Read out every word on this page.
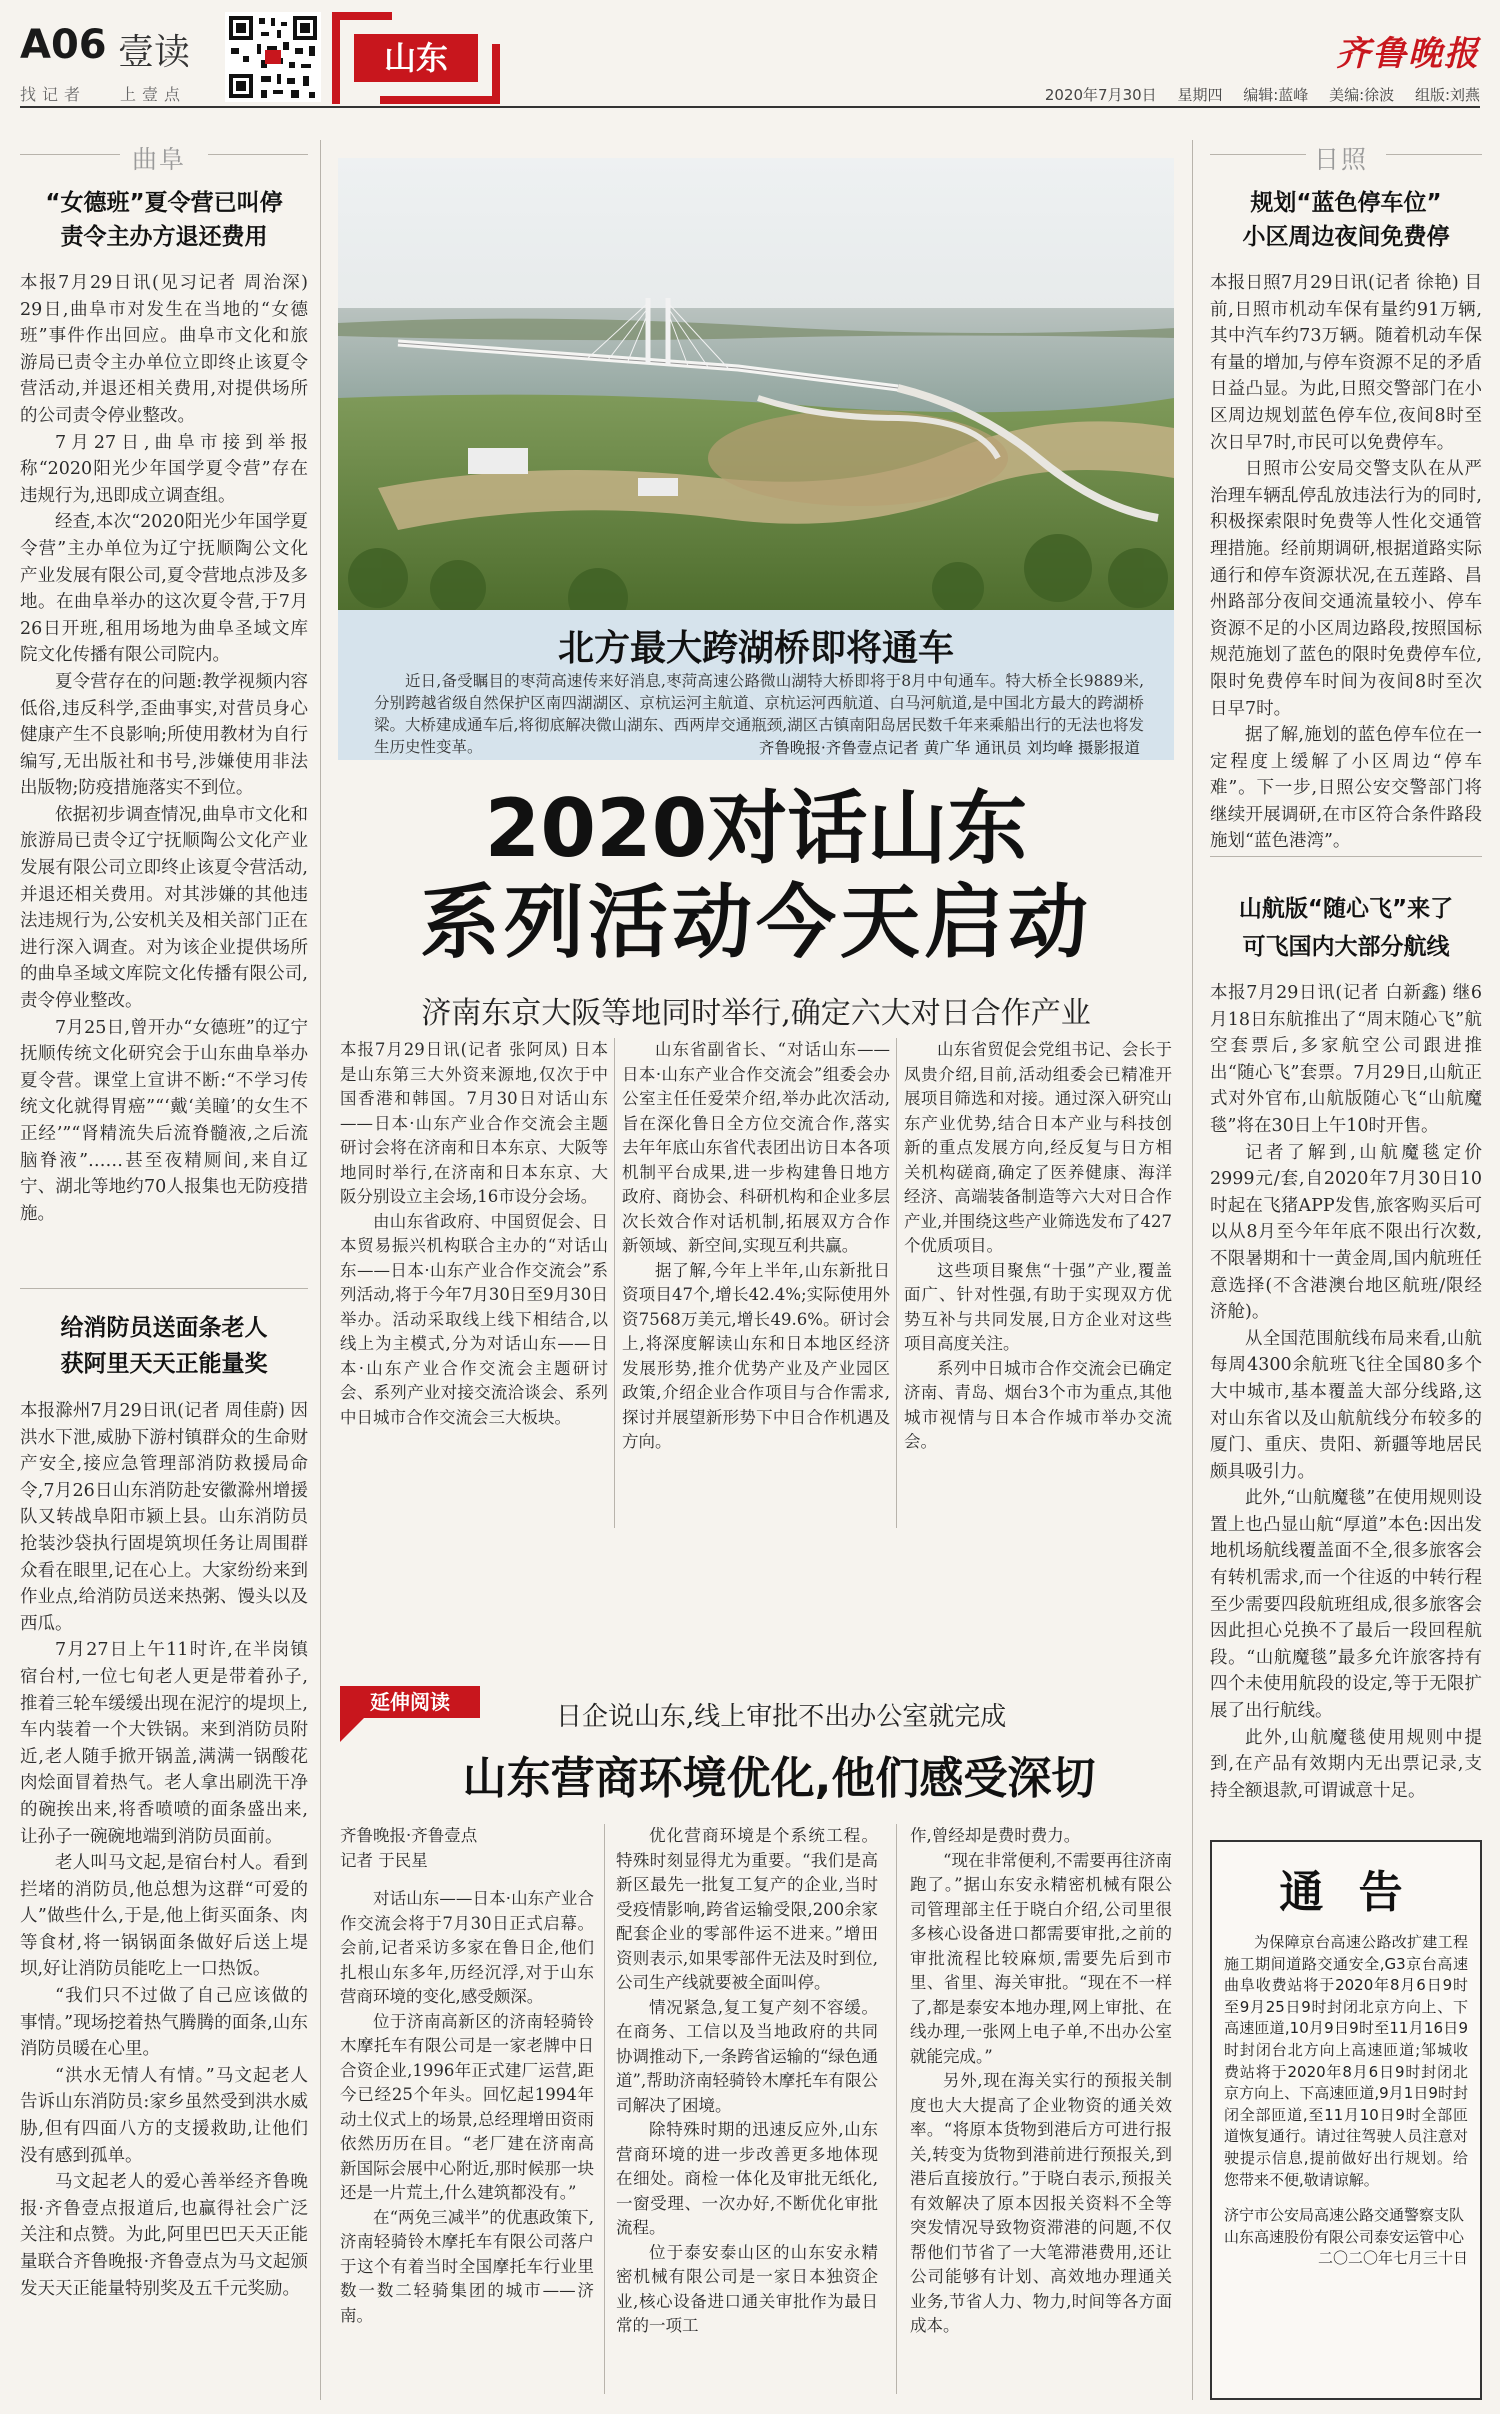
A06 壹读
找记者 上壹点
山东	齐鲁晚报
2020年7月30日 星期四 编辑:蓝峰 美编:徐波 组版:刘燕
曲阜
“女德班”夏令营已叫停
责令主办方退还费用

本报7月29日讯(见习记者 周治深) 29日,曲阜市对发生在当地的“女德班”事件作出回应。曲阜市文化和旅游局已责令主办单位立即终止该夏令营活动,并退还相关费用,对提供场所的公司责令停业整改。

7月27日,曲阜市接到举报称“2020阳光少年国学夏令营”存在违规行为,迅即成立调查组。

经查,本次“2020阳光少年国学夏令营”主办单位为辽宁抚顺陶公文化产业发展有限公司,夏令营地点涉及多地。在曲阜举办的这次夏令营,于7月26日开班,租用场地为曲阜圣域文库院文化传播有限公司院内。

夏令营存在的问题:教学视频内容低俗,违反科学,歪曲事实,对营员身心健康产生不良影响;所使用教材为自行编写,无出版社和书号,涉嫌使用非法出版物;防疫措施落实不到位。

依据初步调查情况,曲阜市文化和旅游局已责令辽宁抚顺陶公文化产业发展有限公司立即终止该夏令营活动,并退还相关费用。对其涉嫌的其他违法违规行为,公安机关及相关部门正在进行深入调查。对为该企业提供场所的曲阜圣域文库院文化传播有限公司,责令停业整改。

7月25日,曾开办“女德班”的辽宁抚顺传统文化研究会于山东曲阜举办夏令营。课堂上宣讲不断:“不学习传统文化就得胃癌”“‘戴‘美瞳’的女生不正经’”“肾精流失后流脊髓液,之后流脑脊液”……甚至夜精厕间,来自辽宁、湖北等地约70人报集也无防疫措施。

给消防员送面条老人
获阿里天天正能量奖

本报滁州7月29日讯(记者 周佳蔚) 因洪水下泄,威胁下游村镇群众的生命财产安全,接应急管理部消防救援局命令,7月26日山东消防赴安徽滁州增援队又转战阜阳市颍上县。山东消防员抢装沙袋执行固堤筑坝任务让周围群众看在眼里,记在心上。大家纷纷来到作业点,给消防员送来热粥、馒头以及西瓜。

7月27日上午11时许,在半岗镇宿台村,一位七旬老人更是带着孙子,推着三轮车缓缓出现在泥泞的堤坝上,车内装着一个大铁锅。来到消防员附近,老人随手掀开锅盖,满满一锅酸花肉烩面冒着热气。老人拿出刷洗干净的碗挨出来,将香喷喷的面条盛出来,让孙子一碗碗地端到消防员面前。

老人叫马文起,是宿台村人。看到拦堵的消防员,他总想为这群“可爱的人”做些什么,于是,他上街买面条、肉等食材,将一锅锅面条做好后送上堤坝,好让消防员能吃上一口热饭。

“我们只不过做了自己应该做的事情。”现场挖着热气腾腾的面条,山东消防员暖在心里。

“洪水无情人有情。”马文起老人告诉山东消防员:家乡虽然受到洪水威胁,但有四面八方的支援救助,让他们没有感到孤单。

马文起老人的爱心善举经齐鲁晚报·齐鲁壹点报道后,也赢得社会广泛关注和点赞。为此,阿里巴巴天天正能量联合齐鲁晚报·齐鲁壹点为马文起颁发天天正能量特别奖及五千元奖励。

北方最大跨湖桥即将通车
近日,备受瞩目的枣菏高速传来好消息,枣菏高速公路微山湖特大桥即将于8月中旬通车。特大桥全长9889米,分别跨越省级自然保护区南四湖湖区、京杭运河主航道、京杭运河西航道、白马河航道,是中国北方最大的跨湖桥梁。大桥建成通车后,将彻底解决微山湖东、西两岸交通瓶颈,湖区古镇南阳岛居民数千年来乘船出行的无法也将发生历史性变革。	齐鲁晚报·齐鲁壹点记者 黄广华 通讯员 刘均峰 摄影报道
2020对话山东
系列活动今天启动
济南东京大阪等地同时举行,确定六大对日合作产业

本报7月29日讯(记者 张阿凤) 日本是山东第三大外资来源地,仅次于中国香港和韩国。7月30日对话山东——日本·山东产业合作交流会主题研讨会将在济南和日本东京、大阪等地同时举行,在济南和日本东京、大阪分别设立主会场,16市设分会场。

由山东省政府、中国贸促会、日本贸易振兴机构联合主办的“对话山东——日本·山东产业合作交流会”系列活动,将于今年7月30日至9月30日举办。活动采取线上线下相结合,以线上为主模式,分为对话山东——日本·山东产业合作交流会主题研讨会、系列产业对接交流洽谈会、系列中日城市合作交流会三大板块。

山东省副省长、“对话山东——日本·山东产业合作交流会”组委会办公室主任任爱荣介绍,举办此次活动,旨在深化鲁日全方位交流合作,落实去年年底山东省代表团出访日本各项机制平台成果,进一步构建鲁日地方政府、商协会、科研机构和企业多层次长效合作对话机制,拓展双方合作新领域、新空间,实现互利共赢。

据了解,今年上半年,山东新批日资项目47个,增长42.4%;实际使用外资7568万美元,增长49.6%。研讨会上,将深度解读山东和日本地区经济发展形势,推介优势产业及产业园区政策,介绍企业合作项目与合作需求,探讨并展望新形势下中日合作机遇及方向。

山东省贸促会党组书记、会长于凤贵介绍,目前,活动组委会已精准开展项目筛选和对接。通过深入研究山东产业优势,结合日本产业与科技创新的重点发展方向,经反复与日方相关机构磋商,确定了医养健康、海洋经济、高端装备制造等六大对日合作产业,并围绕这些产业筛选发布了427个优质项目。

这些项目聚焦“十强”产业,覆盖面广、针对性强,有助于实现双方优势互补与共同发展,日方企业对这些项目高度关注。

系列中日城市合作交流会已确定济南、青岛、烟台3个市为重点,其他城市视情与日本合作城市举办交流会。

延伸阅读	日企说山东,线上审批不出办公室就完成
山东营商环境优化,他们感受深切

齐鲁晚报·齐鲁壹点

记者 于民星

对话山东——日本·山东产业合作交流会将于7月30日正式启幕。会前,记者采访多家在鲁日企,他们扎根山东多年,历经沉浮,对于山东营商环境的变化,感受颇深。

位于济南高新区的济南轻骑铃木摩托车有限公司是一家老牌中日合资企业,1996年正式建厂运营,距今已经25个年头。回忆起1994年动土仪式上的场景,总经理增田资雨依然历历在目。“老厂建在济南高新国际会展中心附近,那时候那一块还是一片荒土,什么建筑都没有。”

在“两免三减半”的优惠政策下,济南轻骑铃木摩托车有限公司落户于这个有着当时全国摩托车行业里数一数二轻骑集团的城市——济南。

优化营商环境是个系统工程。特殊时刻显得尤为重要。“我们是高新区最先一批复工复产的企业,当时受疫情影响,跨省运输受限,200余家配套企业的零部件运不进来。”增田资则表示,如果零部件无法及时到位,公司生产线就要被全面叫停。

情况紧急,复工复产刻不容缓。在商务、工信以及当地政府的共同协调推动下,一条跨省运输的“绿色通道”,帮助济南轻骑铃木摩托车有限公司解决了困境。

除特殊时期的迅速反应外,山东营商环境的进一步改善更多地体现在细处。商检一体化及审批无纸化,一窗受理、一次办好,不断优化审批流程。

位于泰安泰山区的山东安永精密机械有限公司是一家日本独资企业,核心设备进口通关审批作为最日常的一项工

作,曾经却是费时费力。

“现在非常便利,不需要再往济南跑了。”据山东安永精密机械有限公司管理部主任于晓白介绍,公司里很多核心设备进口都需要审批,之前的审批流程比较麻烦,需要先后到市里、省里、海关审批。“现在不一样了,都是泰安本地办理,网上审批、在线办理,一张网上电子单,不出办公室就能完成。”

另外,现在海关实行的预报关制度也大大提高了企业物资的通关效率。“将原本货物到港后方可进行报关,转变为货物到港前进行预报关,到港后直接放行。”于晓白表示,预报关有效解决了原本因报关资料不全等突发情况导致物资滞港的问题,不仅帮他们节省了一大笔滞港费用,还让公司能够有计划、高效地办理通关业务,节省人力、物力,时间等各方面成本。

日照
规划“蓝色停车位”
小区周边夜间免费停

本报日照7月29日讯(记者 徐艳) 目前,日照市机动车保有量约91万辆,其中汽车约73万辆。随着机动车保有量的增加,与停车资源不足的矛盾日益凸显。为此,日照交警部门在小区周边规划蓝色停车位,夜间8时至次日早7时,市民可以免费停车。

日照市公安局交警支队在从严治理车辆乱停乱放违法行为的同时,积极探索限时免费等人性化交通管理措施。经前期调研,根据道路实际通行和停车资源状况,在五莲路、昌州路部分夜间交通流量较小、停车资源不足的小区周边路段,按照国标规范施划了蓝色的限时免费停车位,限时免费停车时间为夜间8时至次日早7时。

据了解,施划的蓝色停车位在一定程度上缓解了小区周边“停车难”。下一步,日照公安交警部门将继续开展调研,在市区符合条件路段施划“蓝色港湾”。

山航版“随心飞”来了
可飞国内大部分航线

本报7月29日讯(记者 白新鑫) 继6月18日东航推出了“周末随心飞”航空套票后,多家航空公司跟进推出“随心飞”套票。7月29日,山航正式对外官布,山航版随心飞“山航魔毯”将在30日上午10时开售。

记者了解到,山航魔毯定价2999元/套,自2020年7月30日10时起在飞猪APP发售,旅客购买后可以从8月至今年年底不限出行次数,不限暑期和十一黄金周,国内航班任意选择(不含港澳台地区航班/限经济舱)。

从全国范围航线布局来看,山航每周4300余航班飞往全国80多个大中城市,基本覆盖大部分线路,这对山东省以及山航航线分布较多的厦门、重庆、贵阳、新疆等地居民颇具吸引力。

此外,“山航魔毯”在使用规则设置上也凸显山航“厚道”本色:因出发地机场航线覆盖面不全,很多旅客会有转机需求,而一个往返的中转行程至少需要四段航班组成,很多旅客会因此担心兑换不了最后一段回程航段。“山航魔毯”最多允许旅客持有四个未使用航段的设定,等于无限扩展了出行航线。

此外,山航魔毯使用规则中提到,在产品有效期内无出票记录,支持全额退款,可谓诚意十足。

通 告
为保障京台高速公路改扩建工程施工期间道路交通安全,G3京台高速曲阜收费站将于2020年8月6日9时至9月25日9时封闭北京方向上、下高速匝道,10月9日9时至11月16日9时封闭台北方向上高速匝道;邹城收费站将于2020年8月6日9时封闭北京方向上、下高速匝道,9月1日9时封闭全部匝道,至11月10日9时全部匝道恢复通行。请过往驾驶人员注意对驶提示信息,提前做好出行规划。给您带来不便,敬请谅解。
济宁市公安局高速公路交通警察支队
山东高速股份有限公司泰安运管中心
二〇二〇年七月三十日
